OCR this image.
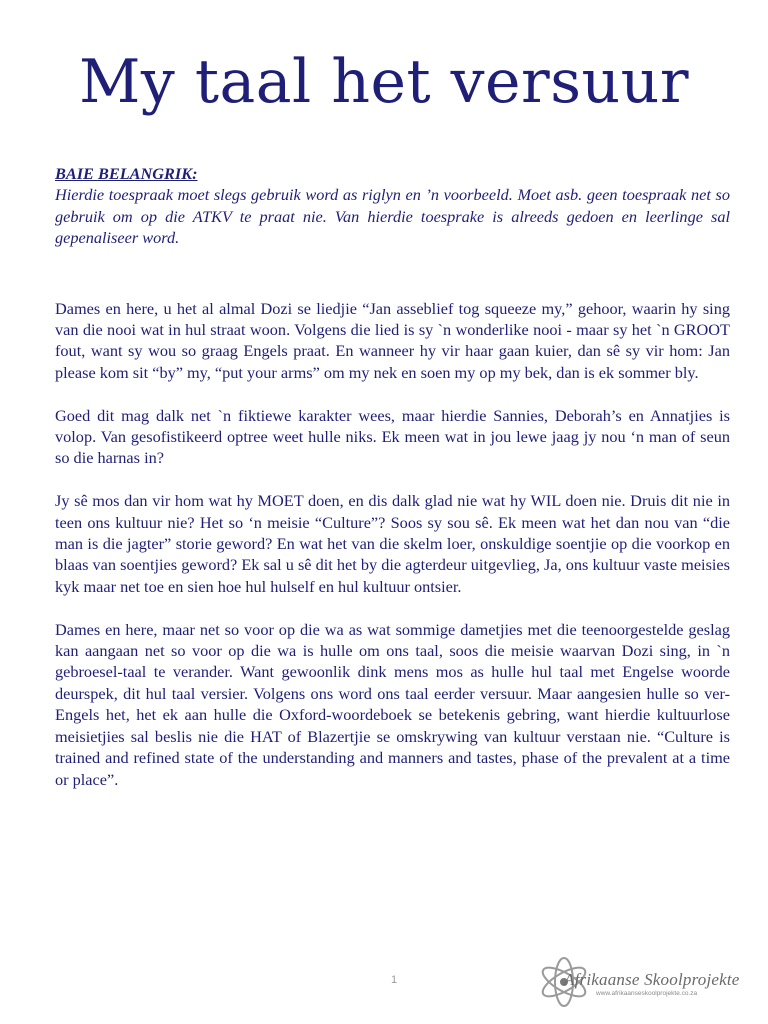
My taal het versuur

BAIE BELANGRIK:
Hierdie toespraak moet slegs gebruik word as riglyn en ’n voorbeeld. Moet asb. geen toespraak net so gebruik om op die ATKV te praat nie. Van hierdie toesprake is alreeds gedoen en leerlinge sal gepenaliseer word.

Dames en here, u het al almal Dozi se liedjie “Jan asseblief tog squeeze my,” gehoor, waarin hy sing van die nooi wat in hul straat woon. Volgens die lied is sy `n wonderlike nooi - maar sy het `n GROOT fout, want sy wou so graag Engels praat. En wanneer hy vir haar gaan kuier, dan sê sy vir hom: Jan please kom sit “by” my, “put your arms” om my nek en soen my op my bek, dan is ek sommer bly.

Goed dit mag dalk net `n fiktiewe karakter wees, maar hierdie Sannies, Deborah’s en Annatjies is volop. Van gesofistikeerd optree weet hulle niks. Ek meen wat in jou lewe jaag jy nou ‘n man of seun so die harnas in?

Jy sê mos dan vir hom wat hy MOET doen, en dis dalk glad nie wat hy WIL doen nie. Druis dit nie in teen ons kultuur nie? Het so ‘n meisie “Culture”? Soos sy sou sê. Ek meen wat het dan nou van “die man is die jagter” storie geword? En wat het van die skelm loer, onskuldige soentjie op die voorkop en blaas van soentjies geword? Ek sal u sê dit het by die agterdeur uitgevlieg, Ja, ons kultuur vaste meisies kyk maar net toe en sien hoe hul hulself en hul kultuur ontsier.

Dames en here, maar net so voor op die wa as wat sommige dametjies met die teenoorgestelde geslag kan aangaan net so voor op die wa is hulle om ons taal, soos die meisie waarvan Dozi sing, in `n gebroesel-taal te verander. Want gewoonlik dink mens mos as hulle hul taal met Engelse woorde deurspek, dit hul taal versier. Volgens ons word ons taal eerder versuur. Maar aangesien hulle so ver-Engels het, het ek aan hulle die Oxford-woordeboek se betekenis gebring, want hierdie kultuurlose meisietjies sal beslis nie die HAT of Blazertjie se omskrywing van kultuur verstaan nie. “Culture is trained and refined state of the understanding and manners and tastes, phase of the prevalent at a time or place”.

1	Afrikaanse Skoolprojekte
www.afrikaanseskoolprojekte.co.za
